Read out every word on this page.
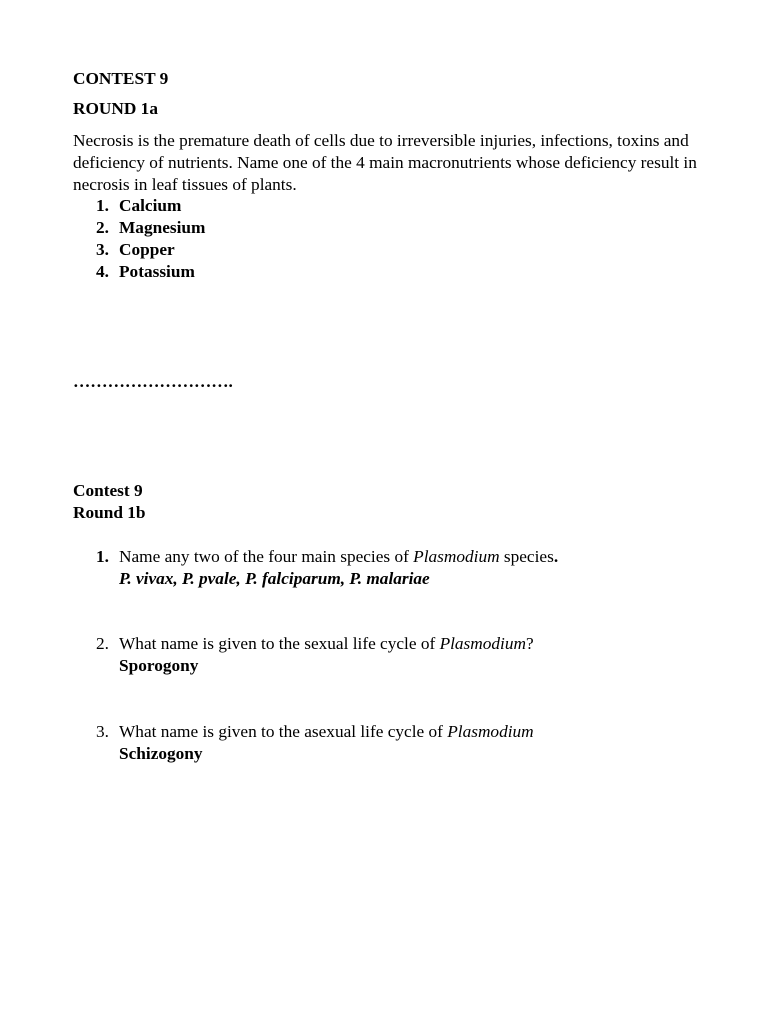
CONTEST 9
ROUND 1a
Necrosis is the premature death of cells due to irreversible injuries, infections, toxins and deficiency of nutrients. Name one of the 4 main macronutrients whose deficiency result in necrosis in leaf tissues of plants.
1. Calcium
2. Magnesium
3. Copper
4. Potassium
……………………….
Contest 9
Round 1b
1. Name any two of the four main species of Plasmodium species.
P. vivax, P. pvale, P. falciparum, P. malariae
2. What name is given to the sexual life cycle of Plasmodium?
Sporogony
3. What name is given to the asexual life cycle of Plasmodium
Schizogony
